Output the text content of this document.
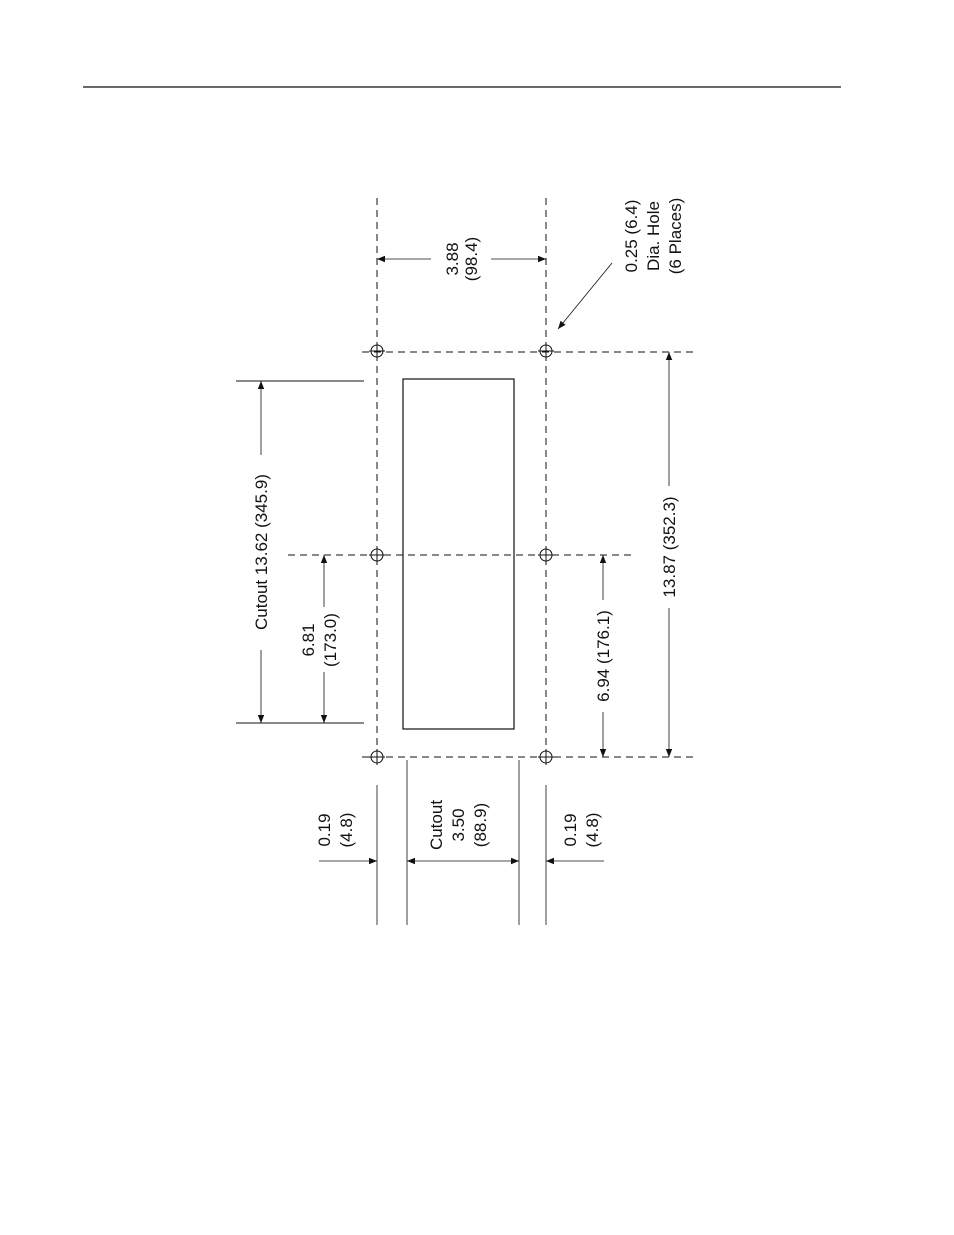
3.88 (98.4)	0.25 (6.4) Dia. Hole (6 Places)
Cutout 13.62 (345.9)
6.81 (173.0)	6.94 (176.1)
13.87 (352.3)
0.19 (4.8)	Cutout 3.50 (88.9)	0.19 (4.8)
